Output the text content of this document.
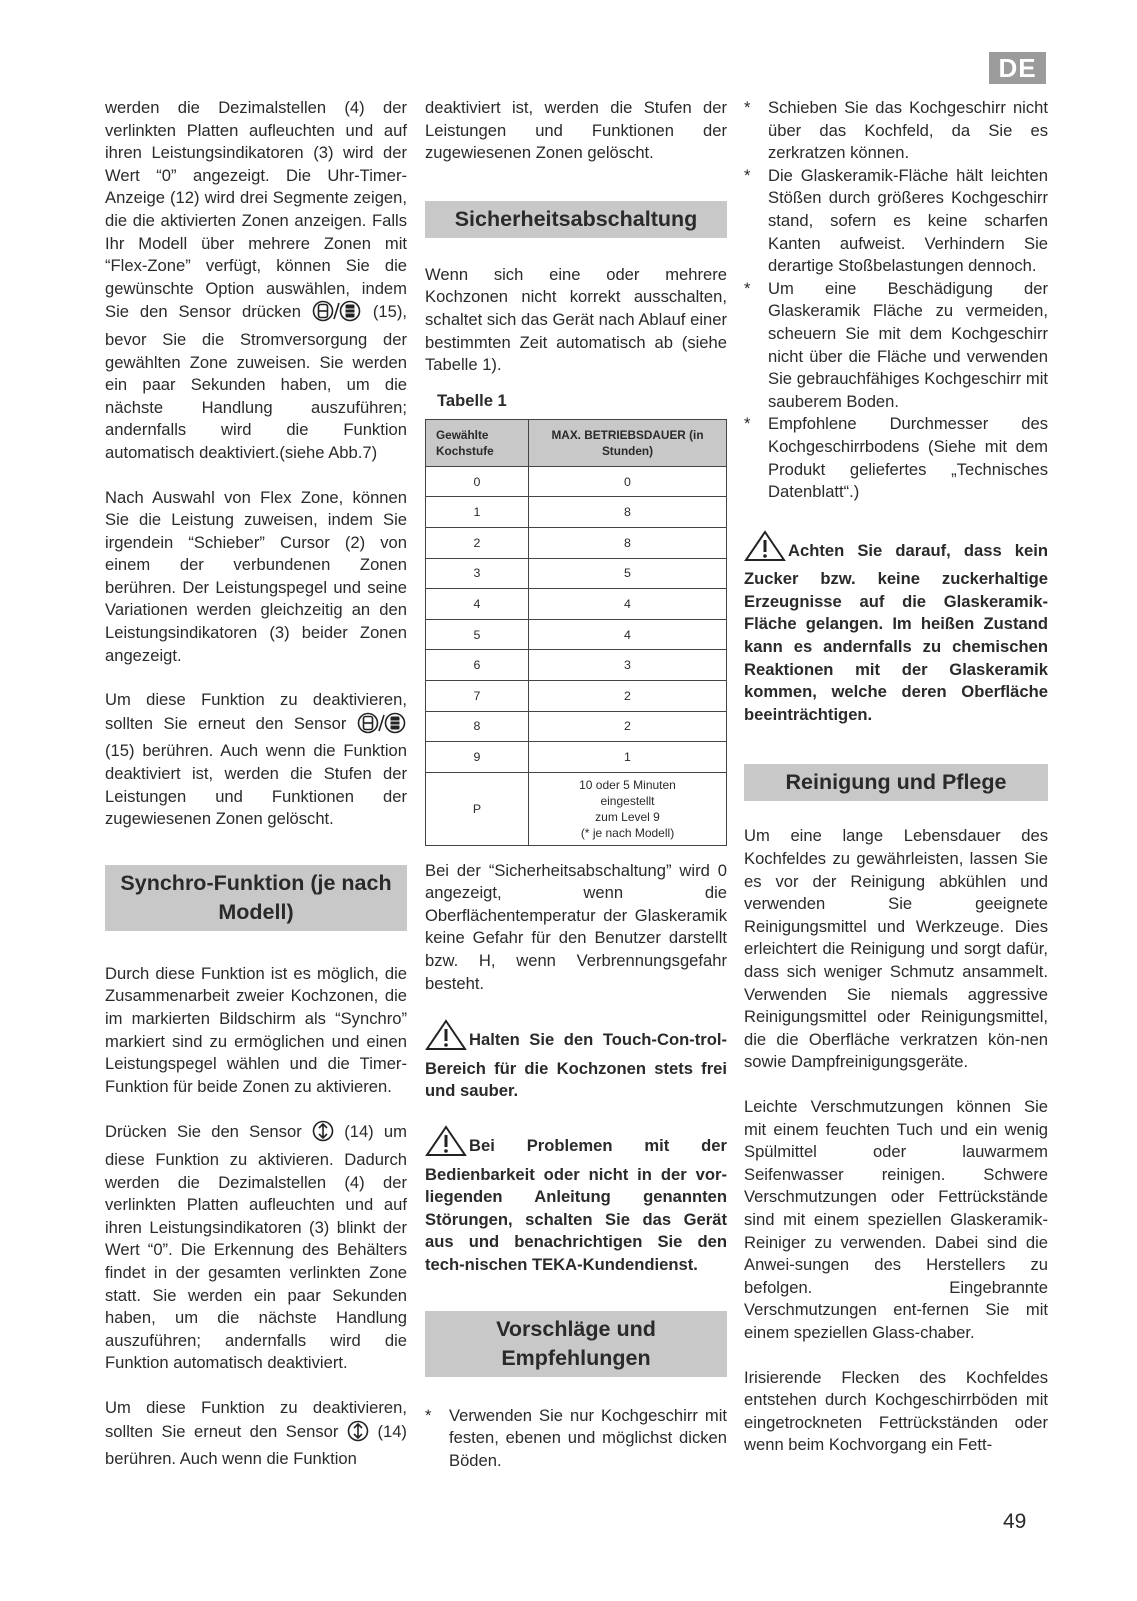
DE

werden die Dezimalstellen (4) der verlinkten Platten aufleuchten und auf ihren Leistungsindikatoren (3) wird der Wert “0” angezeigt. Die Uhr-Timer-Anzeige (12) wird drei Segmente zeigen, die die aktivierten Zonen anzeigen. Falls Ihr Modell über mehrere Zonen mit “Flex-Zone” verfügt, können Sie die gewünschte Option auswählen, indem Sie den Sensor drücken	(15), bevor Sie die Stromversorgung der gewählten Zone zuweisen. Sie werden ein paar Sekunden haben, um die nächste Handlung auszuführen; andernfalls wird die Funktion automatisch deaktiviert.(siehe Abb.7)

Nach Auswahl von Flex Zone, können Sie die Leistung zuweisen, indem Sie irgendein “Schieber” Cursor (2) von einem der verbundenen Zonen berühren. Der Leistungspegel und seine Variationen werden gleichzeitig an den Leistungsindikatoren (3) beider Zonen angezeigt.

Um diese Funktion zu deaktivieren, sollten Sie erneut den Sensor  (15) berühren. Auch wenn die Funktion deaktiviert ist, werden die Stufen der Leistungen und Funktionen der zugewiesenen Zonen gelöscht.

Synchro-Funktion (je nach Modell)

Durch diese Funktion ist es möglich, die Zusammenarbeit zweier Kochzonen, die im markierten Bildschirm als “Synchro” markiert sind zu ermöglichen und einen Leistungspegel wählen und die Timer-Funktion für beide Zonen zu aktivieren.

Drücken Sie den Sensor	(14) um diese Funktion zu aktivieren. Dadurch werden die Dezimalstellen (4) der verlinkten Platten aufleuchten und auf ihren Leistungsindikatoren (3) blinkt der Wert “0”. Die Erkennung des Behälters findet in der gesamten verlinkten Zone statt. Sie werden ein paar Sekunden haben, um die nächste Handlung auszuführen; andernfalls wird die Funktion automatisch deaktiviert.

Um diese Funktion zu deaktivieren, sollten Sie erneut den Sensor (14) berühren. Auch wenn die Funktion

deaktiviert ist, werden die Stufen der Leistungen und Funktionen der zugewiesenen Zonen gelöscht.

Sicherheitsabschaltung

Wenn sich eine oder mehrere Kochzonen nicht korrekt ausschalten, schaltet sich das Gerät nach Ablauf einer bestimmten Zeit automatisch ab (siehe Tabelle 1).

Tabelle 1
Gewählte Kochstufe	MAX. BETRIEBSDAUER (in Stunden)
0	0
1	8
2	8
3	5
4	4
5	4
6	3
7	2
8	2
9	1
P	10 oder 5 Minuten
eingestellt
zum Level 9
(* je nach Modell)

Bei der “Sicherheitsabschaltung” wird 0 angezeigt, wenn die Oberflächentemperatur der Glaskeramik keine Gefahr für den Benutzer darstellt bzw. H, wenn Verbrennungsgefahr besteht.

Halten Sie den Touch-Con-trol-Bereich für die Kochzonen stets frei und sauber.

Bei Problemen mit der Bedienbarkeit oder nicht in der vor-liegenden Anleitung genannten Störungen, schalten Sie das Gerät aus und benachrichtigen Sie den tech-nischen TEKA-Kundendienst.

Vorschläge und Empfehlungen
* Verwenden Sie nur Kochgeschirr mit festen, ebenen und möglichst dicken Böden.
* Schieben Sie das Kochgeschirr nicht über das Kochfeld, da Sie es zerkratzen können.
* Die Glaskeramik-Fläche hält leichten Stößen durch größeres Kochgeschirr stand, sofern es keine scharfen Kanten aufweist. Verhindern Sie derartige Stoßbelastungen dennoch.
* Um eine Beschädigung der Glaskeramik Fläche zu vermeiden, scheuern Sie mit dem Kochgeschirr nicht über die Fläche und verwenden Sie gebrauchfähiges Kochgeschirr mit sauberem Boden.
* Empfohlene Durchmesser des Kochgeschirrbodens (Siehe mit dem Produkt geliefertes „Technisches Datenblatt“.)

Achten Sie darauf, dass kein Zucker bzw. keine zuckerhaltige Erzeugnisse auf die Glaskeramik-Fläche gelangen. Im heißen Zustand kann es andernfalls zu chemischen Reaktionen mit der Glaskeramik kommen, welche deren Oberfläche beeinträchtigen.

Reinigung und Pflege

Um eine lange Lebensdauer des Kochfeldes zu gewährleisten, lassen Sie es vor der Reinigung abkühlen und verwenden Sie geeignete Reinigungsmittel und Werkzeuge. Dies erleichtert die Reinigung und sorgt dafür, dass sich weniger Schmutz ansammelt. Verwenden Sie niemals aggressive Reinigungsmittel oder Reinigungsmittel, die die Oberfläche verkratzen kön-nen sowie Dampfreinigungsgeräte.

Leichte Verschmutzungen können Sie mit einem feuchten Tuch und ein wenig Spülmittel oder lauwarmem Seifenwasser reinigen. Schwere Verschmutzungen oder Fettrückstände sind mit einem speziellen Glaskeramik-Reiniger zu verwenden. Dabei sind die Anwei-sungen des Herstellers zu befolgen. Eingebrannte Verschmutzungen ent-fernen Sie mit einem speziellen Glass-chaber.

Irisierende Flecken des Kochfeldes entstehen durch Kochgeschirrböden mit eingetrockneten Fettrückständen oder wenn beim Kochvorgang ein Fett-

49
